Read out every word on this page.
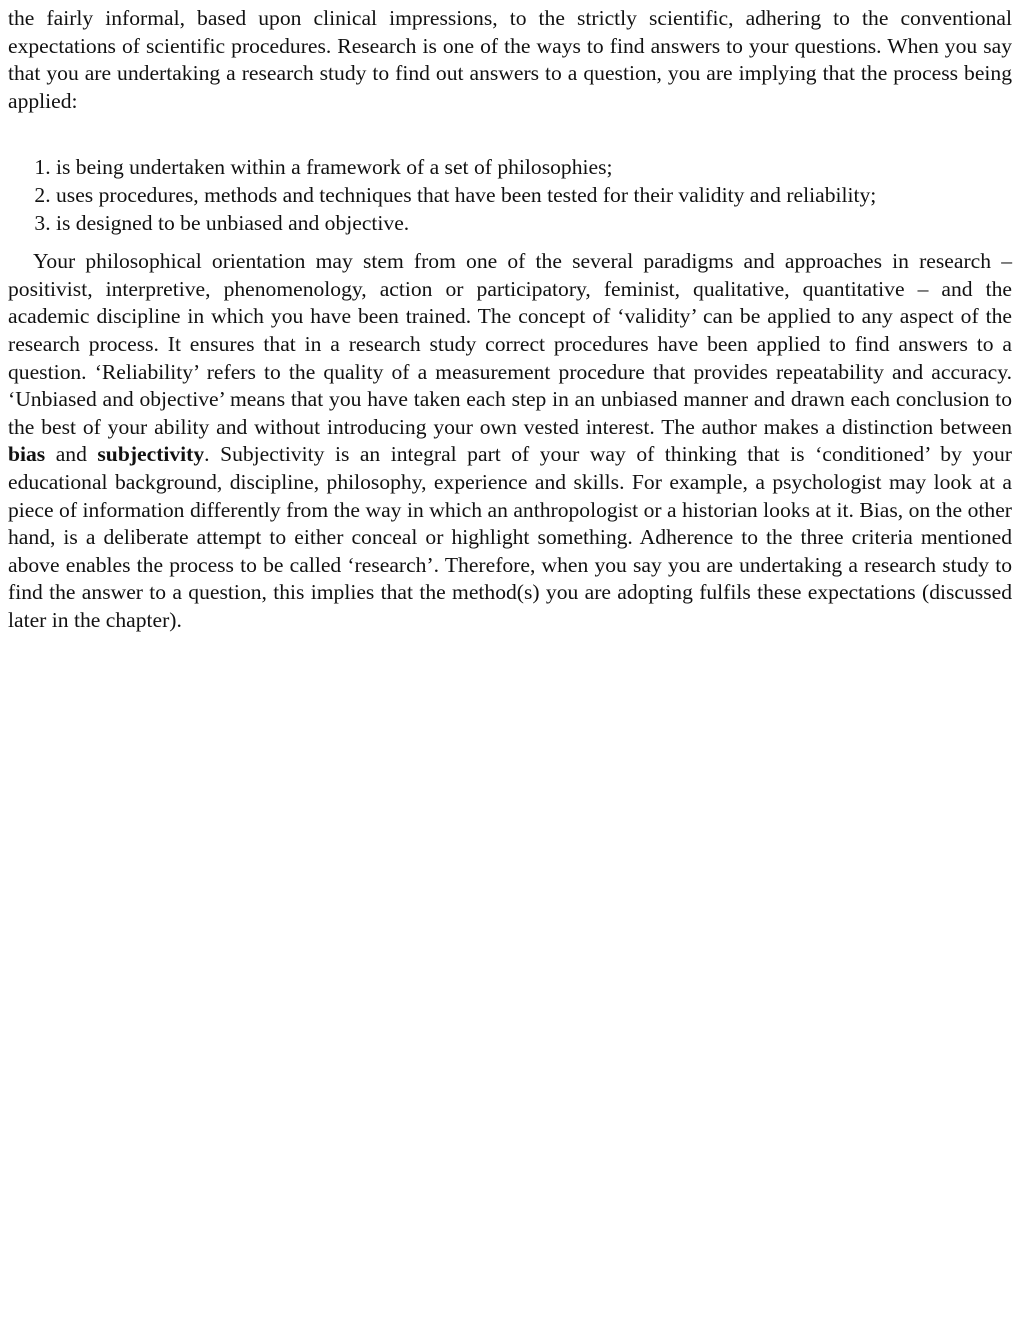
the fairly informal, based upon clinical impressions, to the strictly scientific, adhering to the conventional expectations of scientific procedures. Research is one of the ways to find answers to your questions. When you say that you are undertaking a research study to find out answers to a question, you are implying that the process being applied:

1. is being undertaken within a framework of a set of philosophies;
2. uses procedures, methods and techniques that have been tested for their validity and reliability;
3. is designed to be unbiased and objective.

Your philosophical orientation may stem from one of the several paradigms and approaches in research – positivist, interpretive, phenomenology, action or participatory, feminist, qualitative, quantitative – and the academic discipline in which you have been trained. The concept of ‘validity’ can be applied to any aspect of the research process. It ensures that in a research study correct procedures have been applied to find answers to a question. ‘Reliability’ refers to the quality of a measurement procedure that provides repeatability and accuracy. ‘Unbiased and objective’ means that you have taken each step in an unbiased manner and drawn each conclusion to the best of your ability and without introducing your own vested interest. The author makes a distinction between bias and subjectivity. Subjectivity is an integral part of your way of thinking that is ‘conditioned’ by your educational background, discipline, philosophy, experience and skills. For example, a psychologist may look at a piece of information differently from the way in which an anthropologist or a historian looks at it. Bias, on the other hand, is a deliberate attempt to either conceal or highlight something. Adherence to the three criteria mentioned above enables the process to be called ‘research’. Therefore, when you say you are undertaking a research study to find the answer to a question, this implies that the method(s) you are adopting fulfils these expectations (discussed later in the chapter).
